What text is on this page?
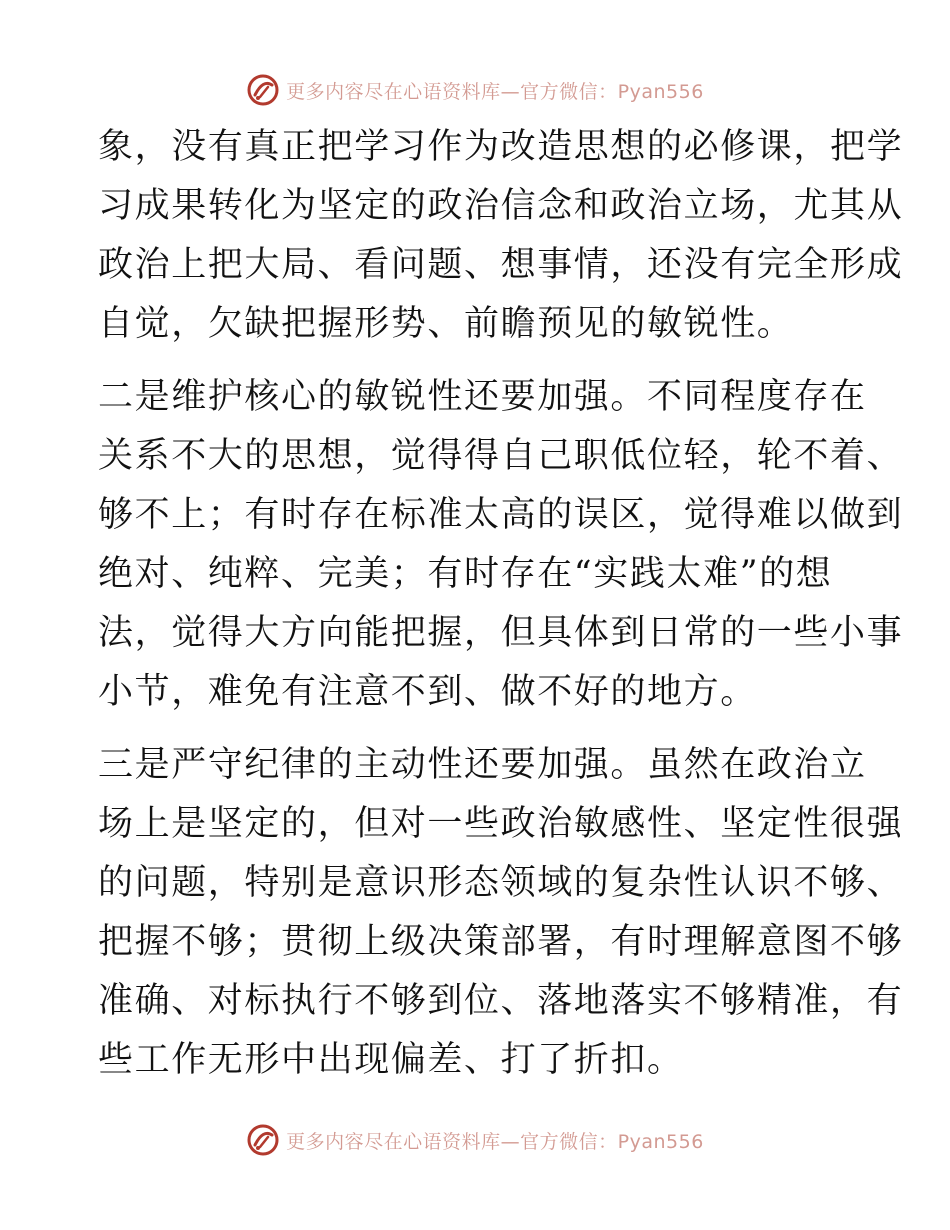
更多内容尽在心语资料库—官方微信：Pyan556
象，没有真正把学习作为改造思想的必修课，把学
习成果转化为坚定的政治信念和政治立场，尤其从
政治上把大局、看问题、想事情，还没有完全形成
自觉，欠缺把握形势、前瞻预见的敏锐性。
二是维护核心的敏锐性还要加强。不同程度存在
关系不大的思想，觉得得自己职低位轻，轮不着、
够不上；有时存在标准太高的误区，觉得难以做到
绝对、纯粹、完美；有时存在“实践太难”的想
法，觉得大方向能把握，但具体到日常的一些小事
小节，难免有注意不到、做不好的地方。
三是严守纪律的主动性还要加强。虽然在政治立
场上是坚定的，但对一些政治敏感性、坚定性很强
的问题，特别是意识形态领域的复杂性认识不够、
把握不够；贯彻上级决策部署，有时理解意图不够
准确、对标执行不够到位、落地落实不够精准，有
些工作无形中出现偏差、打了折扣。
更多内容尽在心语资料库—官方微信：Pyan556
